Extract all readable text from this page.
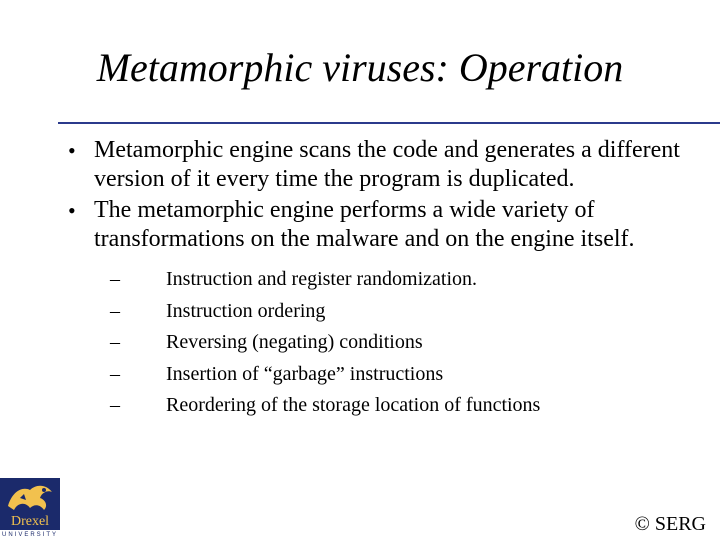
Metamorphic viruses: Operation
• Metamorphic engine scans the code and generates a different version of it every time the program is duplicated.
• The metamorphic engine performs a wide variety of transformations on the malware and on the engine itself.
– Instruction and register randomization.
– Instruction ordering
– Reversing (negating) conditions
– Insertion of “garbage” instructions
– Reordering of the storage location of functions
Drexel
UNIVERSITY	© SERG
